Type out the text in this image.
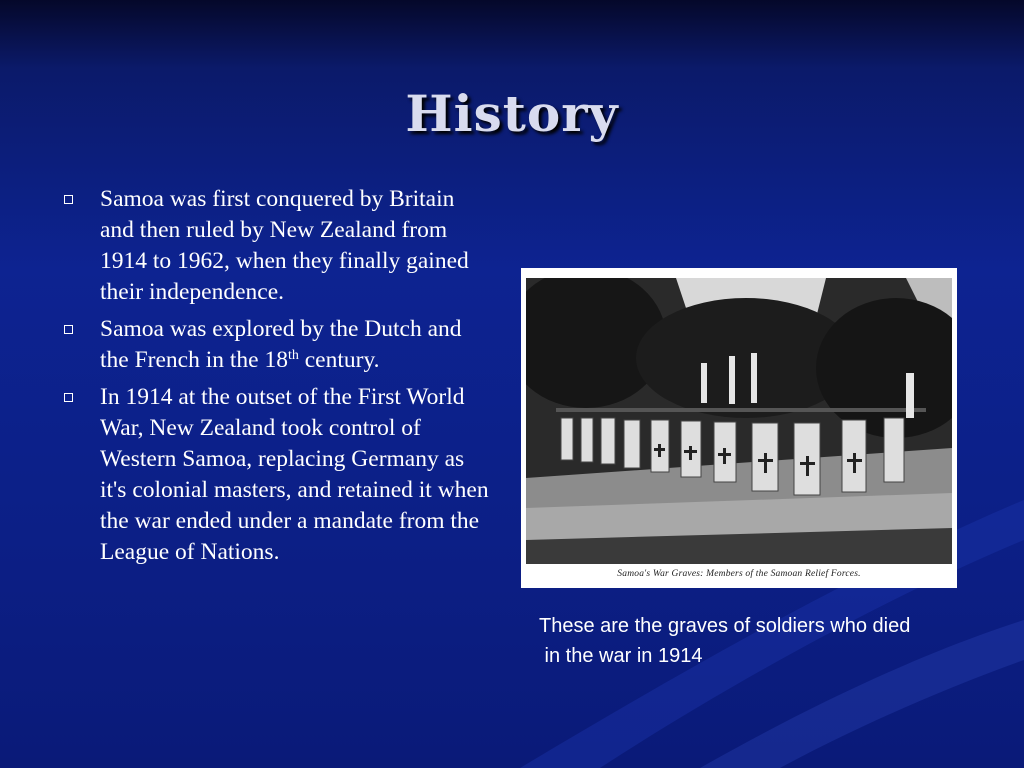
History
Samoa was first conquered by Britain and then ruled by New Zealand from 1914 to 1962, when they finally gained their independence.
Samoa was explored by the Dutch and the French in the 18th century.
In 1914 at the outset of the First World War, New Zealand took control of Western Samoa, replacing Germany as it's colonial masters, and retained it when the war ended under a mandate from the League of Nations.
Samoa's War Graves: Members of the Samoan Relief Forces.
These are the graves of soldiers who died
in the war in 1914
